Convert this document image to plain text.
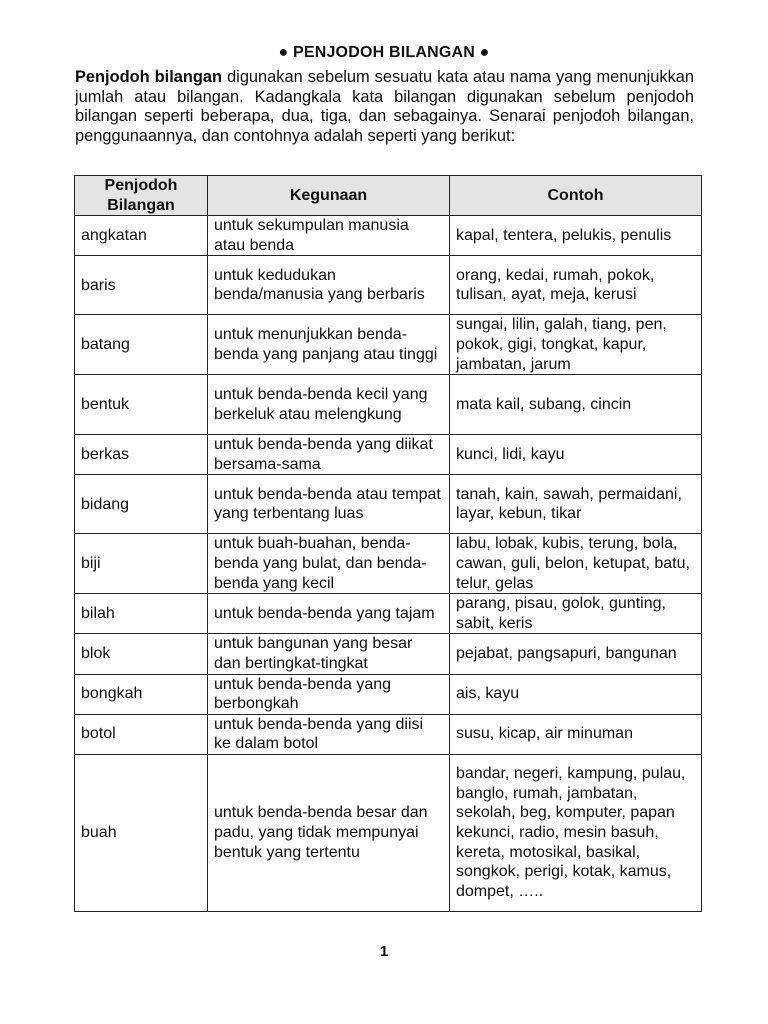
● PENJODOH BILANGAN ●

Penjodoh bilangan digunakan sebelum sesuatu kata atau nama yang menunjukkan jumlah atau bilangan. Kadangkala kata bilangan digunakan sebelum penjodoh bilangan seperti beberapa, dua, tiga, dan sebagainya. Senarai penjodoh bilangan, penggunaannya, dan contohnya adalah seperti yang berikut:

Penjodoh Bilangan	Kegunaan	Contoh
angkatan	untuk sekumpulan manusia atau benda	kapal, tentera, pelukis, penulis
baris	untuk kedudukan benda/manusia yang berbaris	orang, kedai, rumah, pokok, tulisan, ayat, meja, kerusi
batang	untuk menunjukkan benda-benda yang panjang atau tinggi	sungai, lilin, galah, tiang, pen, pokok, gigi, tongkat, kapur, jambatan, jarum
bentuk	untuk benda-benda kecil yang berkeluk atau melengkung	mata kail, subang, cincin
berkas	untuk benda-benda yang diikat bersama-sama	kunci, lidi, kayu
bidang	untuk benda-benda atau tempat yang terbentang luas	tanah, kain, sawah, permaidani, layar, kebun, tikar
biji	untuk buah-buahan, benda-benda yang bulat, dan benda-benda yang kecil	labu, lobak, kubis, terung, bola, cawan, guli, belon, ketupat, batu, telur, gelas
bilah	untuk benda-benda yang tajam	parang, pisau, golok, gunting, sabit, keris
blok	untuk bangunan yang besar dan bertingkat-tingkat	pejabat, pangsapuri, bangunan
bongkah	untuk benda-benda yang berbongkah	ais, kayu
botol	untuk benda-benda yang diisi ke dalam botol	susu, kicap, air minuman
buah	untuk benda-benda besar dan padu, yang tidak mempunyai bentuk yang tertentu	bandar, negeri, kampung, pulau, banglo, rumah, jambatan, sekolah, beg, komputer, papan kekunci, radio, mesin basuh, kereta, motosikal, basikal, songkok, perigi, kotak, kamus, dompet, …..
1
